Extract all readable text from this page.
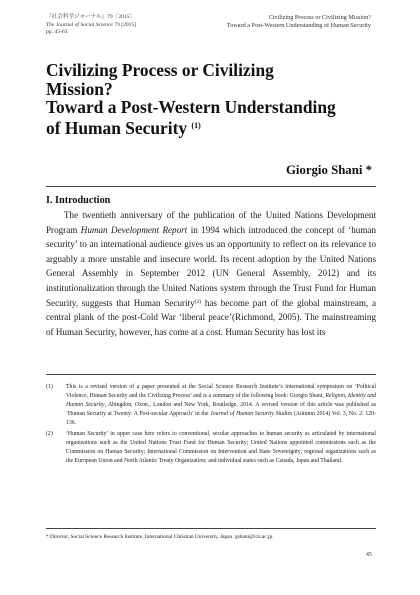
『社会科学ジャーナル』79〔2015〕
The Journal of Social Science 79 [2015]
pp. 45-63
Civilizing Process or Civilizing Mission?
Toward a Post-Western Understanding of Human Security
Civilizing Process or Civilizing
Mission?
Toward a Post-Western Understanding
of Human Security $^{(1)}$
Giorgio Shani *
I. Introduction

The twentieth anniversary of the publication of the United Nations Development Program Human Development Report in 1994 which introduced the concept of ‘human security’ to an international audience gives us an opportunity to reflect on its relevance to arguably a more unstable and insecure world. Its recent adoption by the United Nations General Assembly in September 2012 (UN General Assembly, 2012) and its institutionalization through the United Nations system through the Trust Fund for Human Security, suggests that Human Security$^{(2)}$ has become part of the global mainstream, a central plank of the post-Cold War ‘liberal peace’(Richmond, 2005). The mainstreaming of Human Security, however, has come at a cost. Human Security has lost its

(1)	This is a revised version of a paper presented at the Social Science Research Institute’s international symposium on ‘Political Violence, Human Security and the Civilizing Process’ and is a summary of the following book: Giorgio Shani, Religion, Identity and Human Security, Abingdon, Oxon., London and New York, Routledge, 2014. A revised version of this article was published as ‘Human Security at Twenty: A Post-secular Approach’ in the Journal of Human Security Studies (Autumn 2014) Vol. 3, No. 2: 120-136.
(2)	‘Human Security’ in upper case here refers to conventional, secular approaches to human security as articulated by international organizations such as the United Nations Trust Fund for Human Security; United Nations appointed commissions such as the Commission on Human Security; International Commission on Intervention and State Sovereignty; regional organizations such as the European Union and North Atlantic Treaty Organization; and individual states such as Canada, Japan and Thailand.
* Director, Social Science Research Institute, International Christian University, Japan. gshani@icu.ac.jp.
45
